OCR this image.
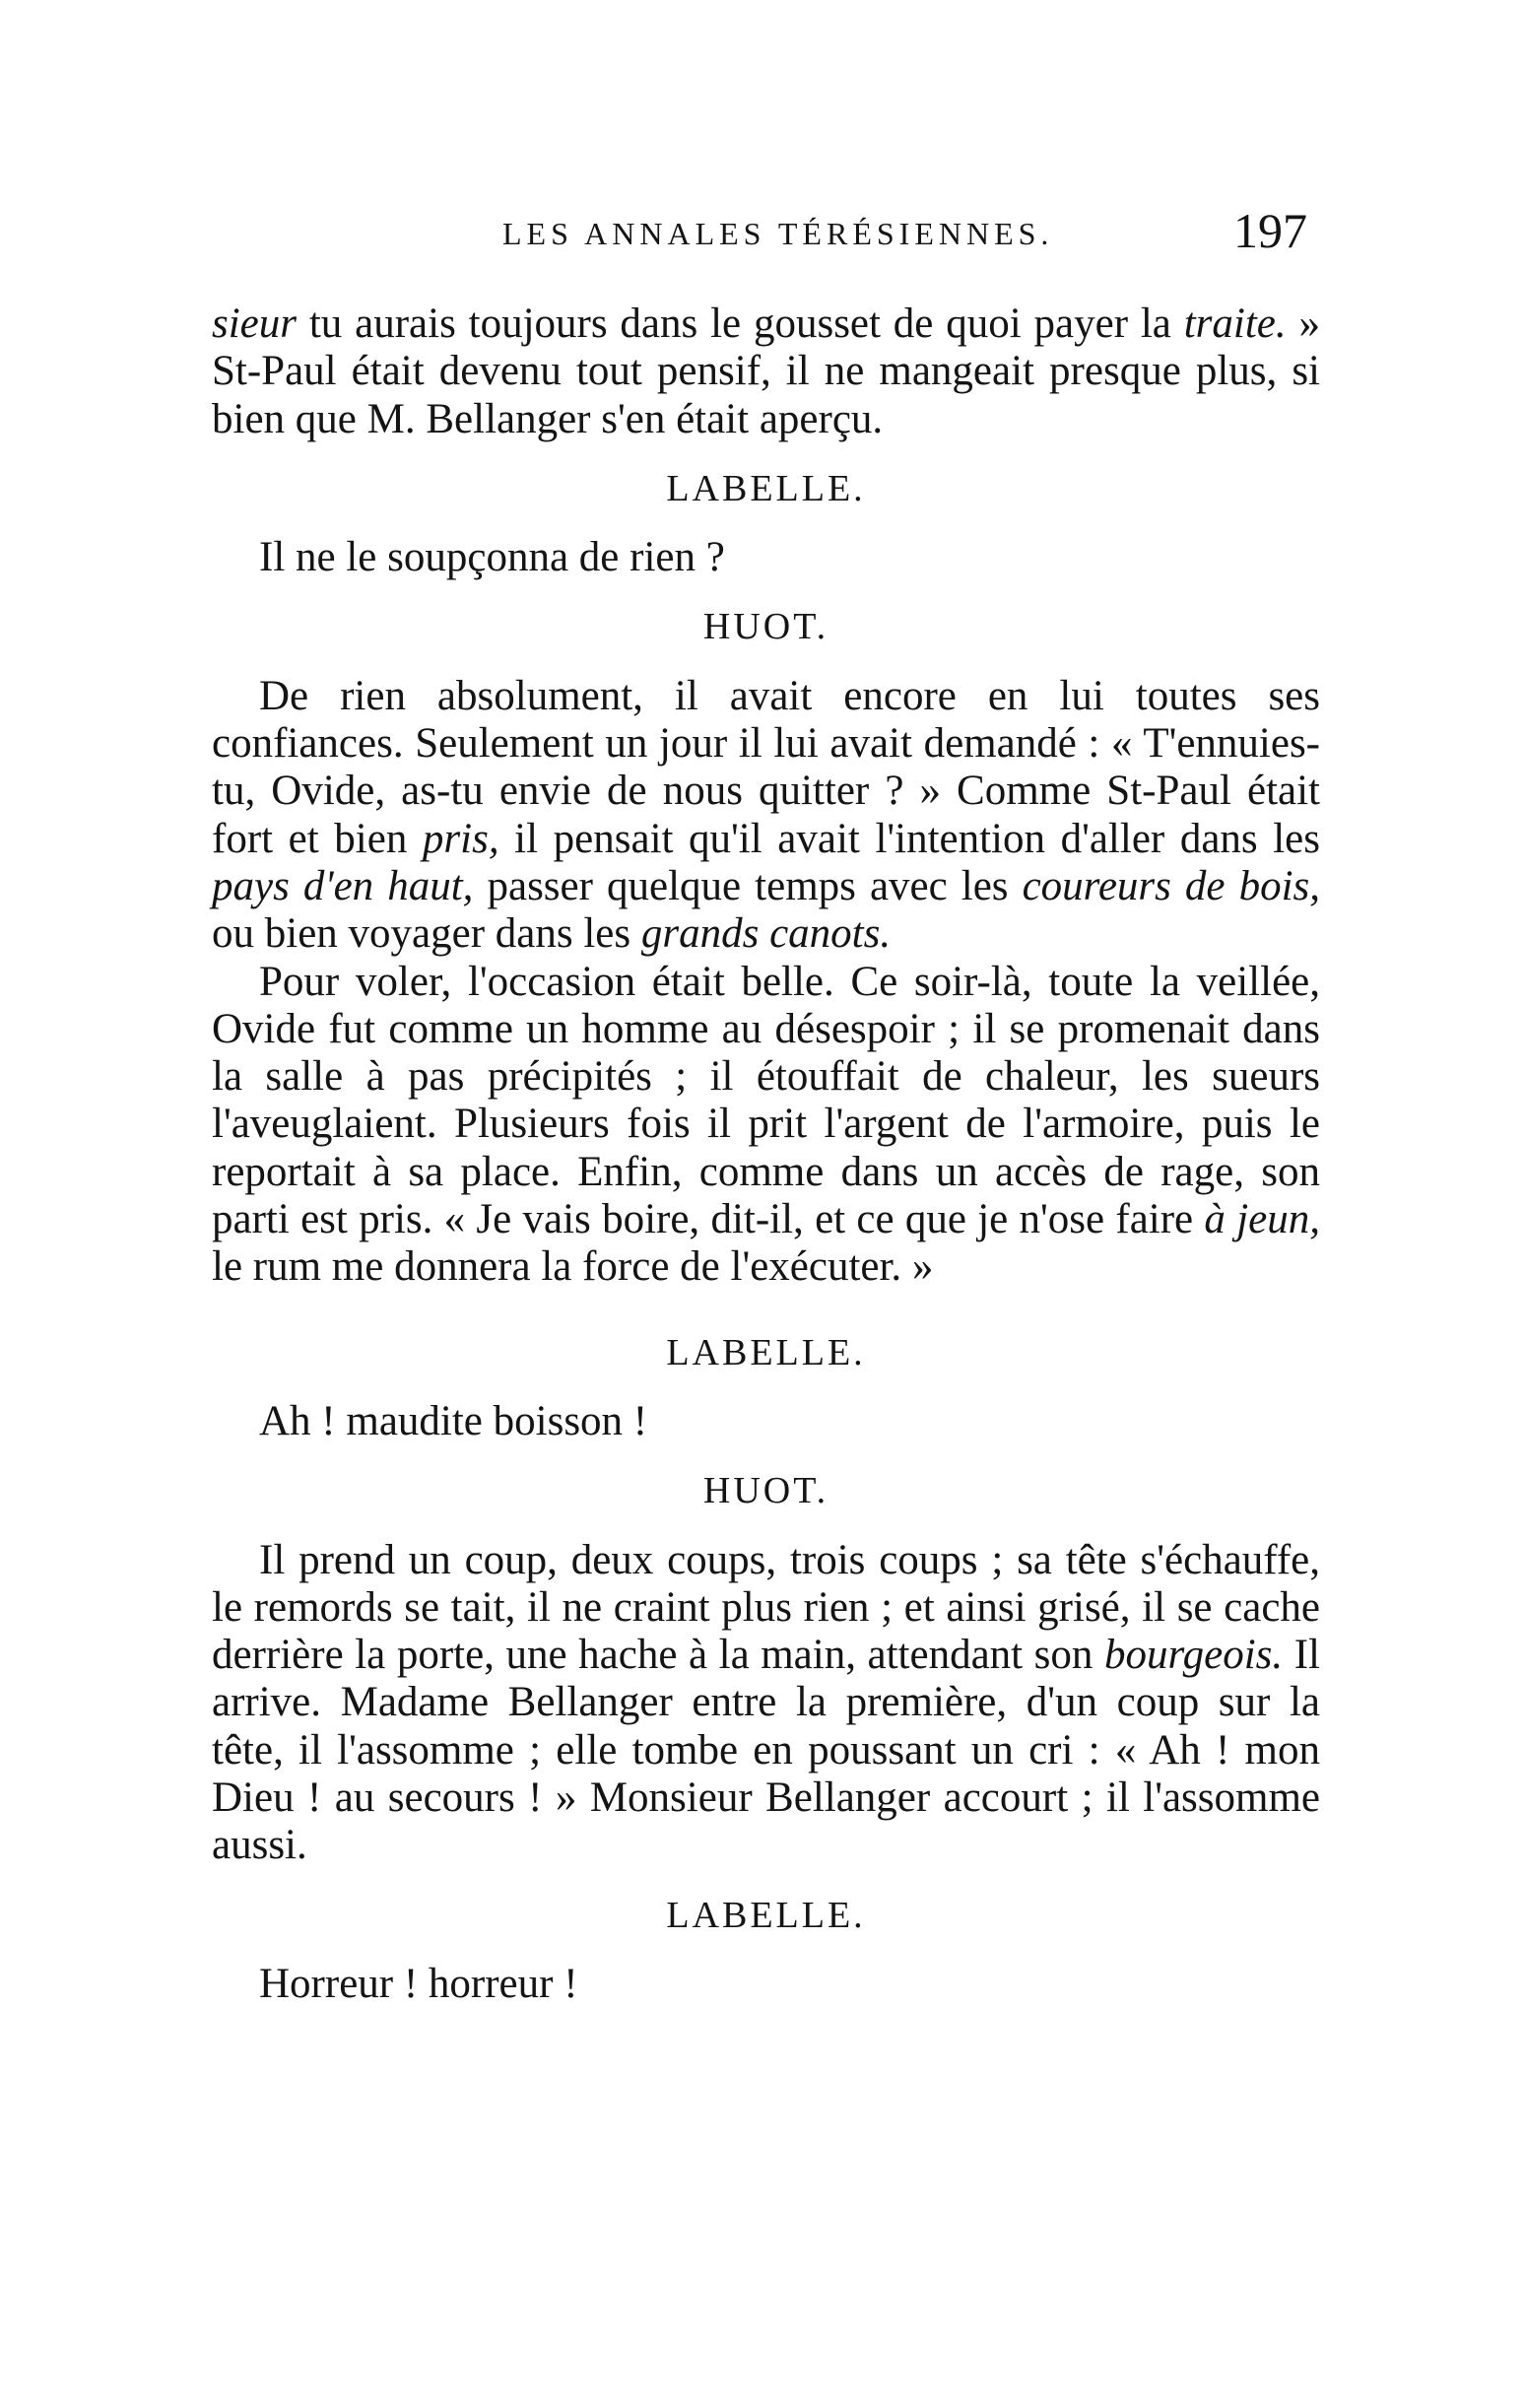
LES ANNALES TÉRÉSIENNES.	197

sieur tu aurais toujours dans le gousset de quoi payer la traite. » St-Paul était devenu tout pensif, il ne mangeait presque plus, si bien que M. Bellanger s'en était aperçu.

LABELLE.

Il ne le soupçonna de rien ?

HUOT.

De rien absolument, il avait encore en lui toutes ses confiances. Seulement un jour il lui avait demandé : « T'ennuies-tu, Ovide, as-tu envie de nous quitter ? » Comme St-Paul était fort et bien pris, il pensait qu'il avait l'intention d'aller dans les pays d'en haut, passer quelque temps avec les coureurs de bois, ou bien voyager dans les grands canots.

Pour voler, l'occasion était belle. Ce soir-là, toute la veillée, Ovide fut comme un homme au désespoir ; il se promenait dans la salle à pas précipités ; il étouffait de chaleur, les sueurs l'aveuglaient. Plusieurs fois il prit l'argent de l'armoire, puis le reportait à sa place. Enfin, comme dans un accès de rage, son parti est pris. « Je vais boire, dit-il, et ce que je n'ose faire à jeun, le rum me donnera la force de l'exécuter. »

LABELLE.

Ah ! maudite boisson !

HUOT.

Il prend un coup, deux coups, trois coups ; sa tête s'échauffe, le remords se tait, il ne craint plus rien ; et ainsi grisé, il se cache derrière la porte, une hache à la main, attendant son bourgeois. Il arrive. Madame Bellanger entre la première, d'un coup sur la tête, il l'assomme ; elle tombe en poussant un cri : « Ah ! mon Dieu ! au secours ! » Monsieur Bellanger accourt ; il l'assomme aussi.

LABELLE.

Horreur ! horreur !
